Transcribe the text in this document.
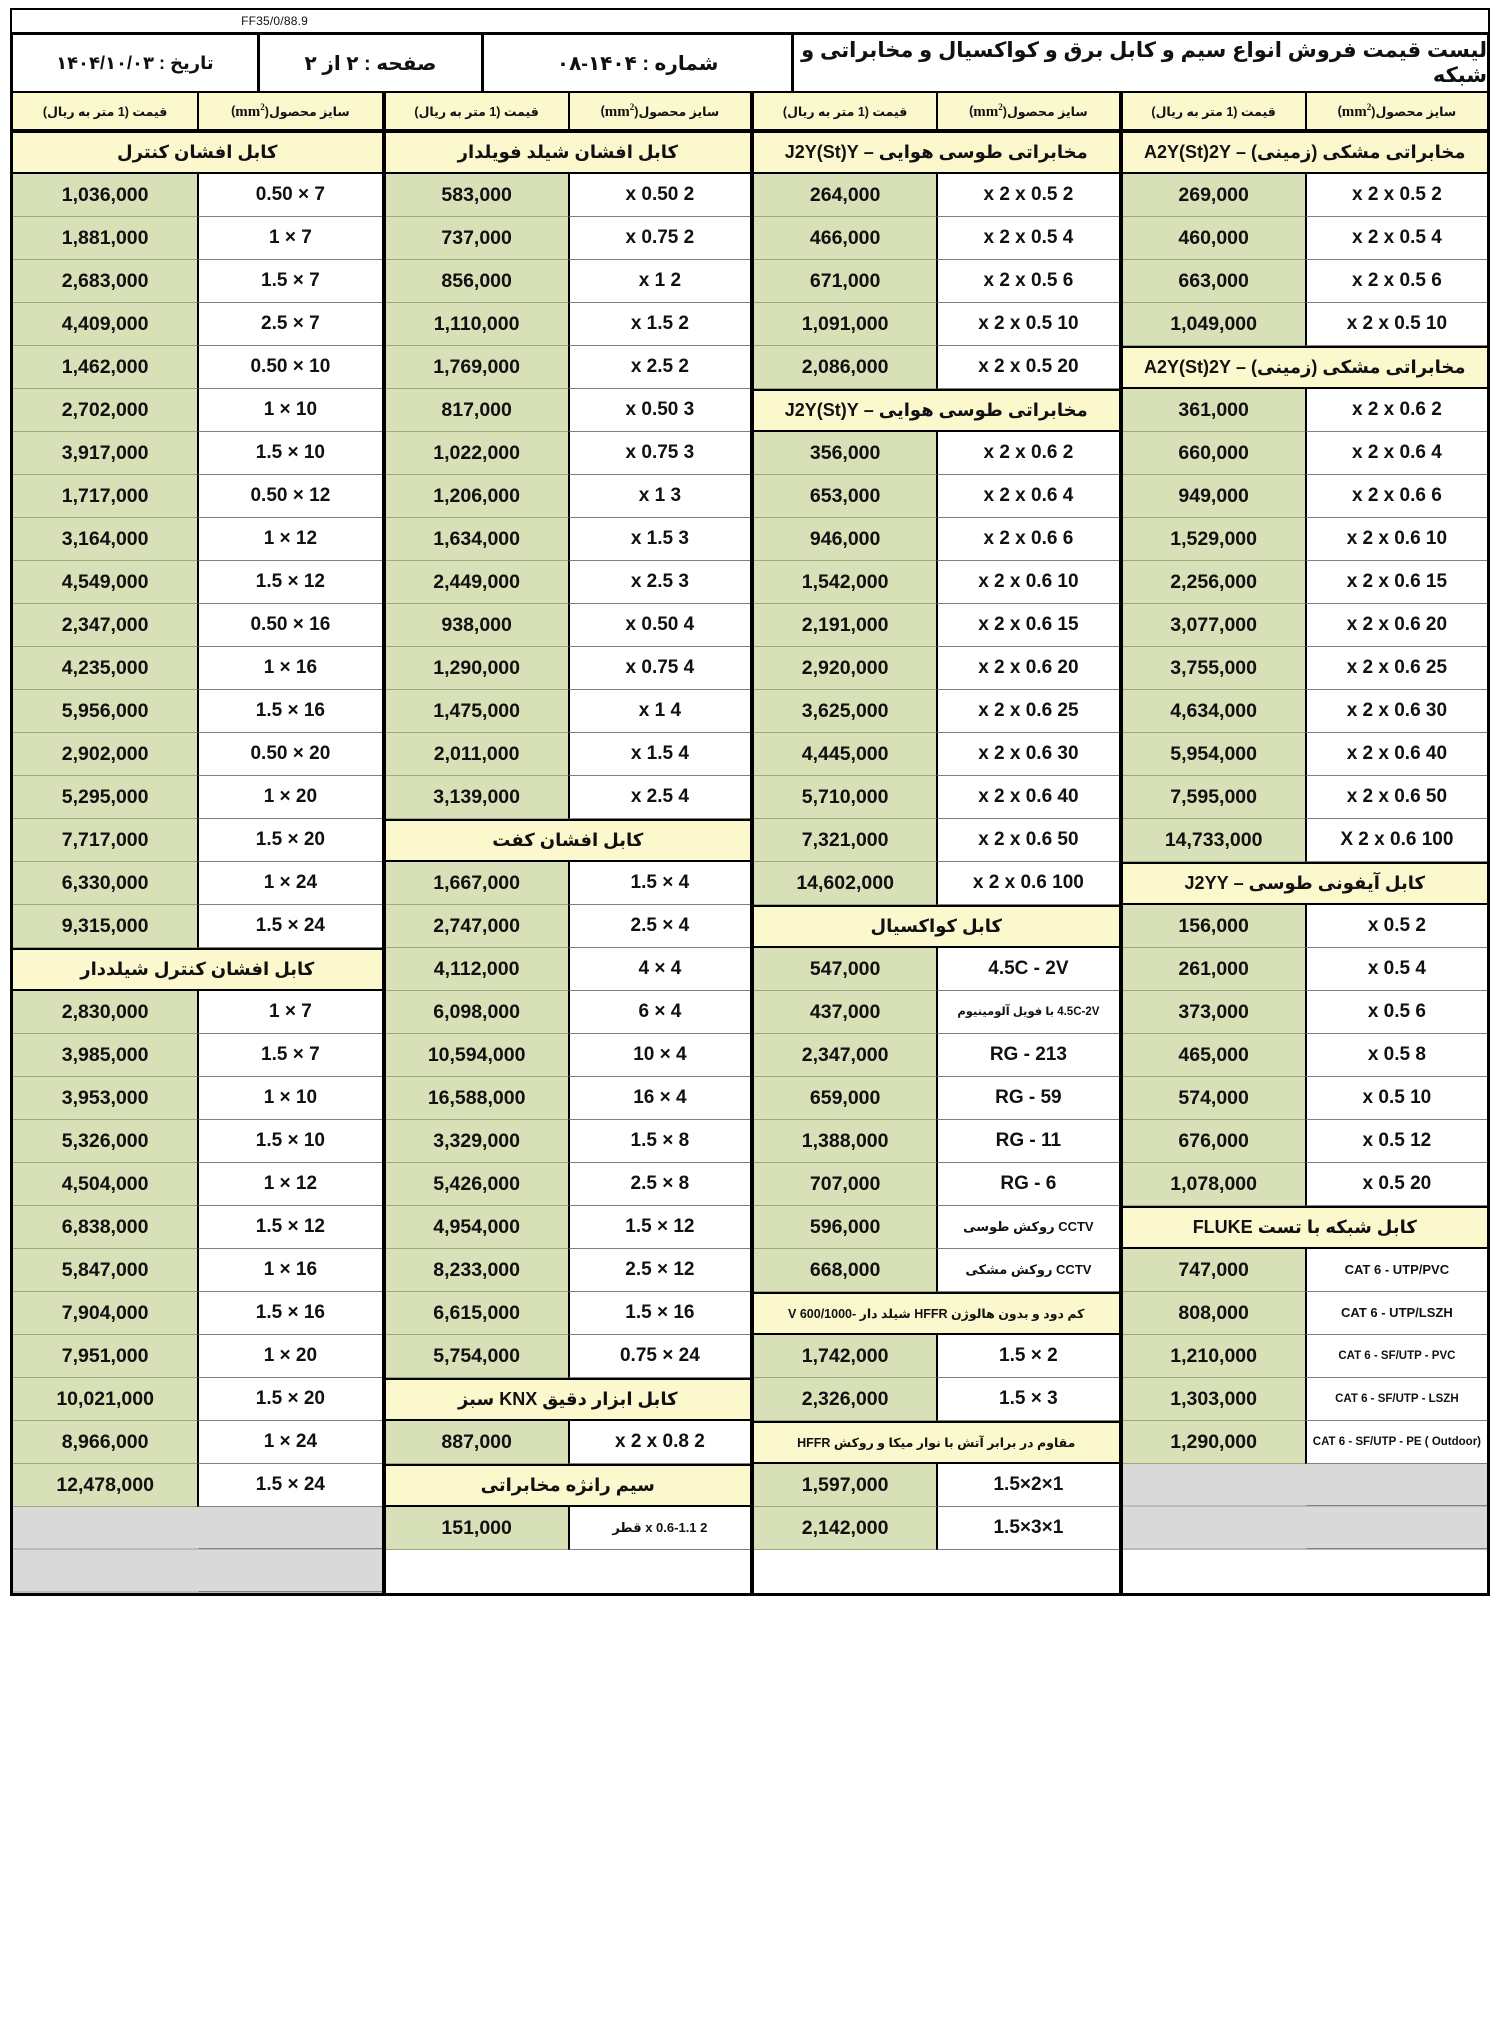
FF35/0/88.9
لیست قیمت فروش انواع سیم و کابل برق و کواکسیال و مخابراتی و شبکه
شماره : ۱۴۰۴-۰۸
صفحه : ۲ از ۲
تاریخ : ۱۴۰۴/۱۰/۰۳
سایز محصول(
$mm^2$
)
قیمت (1 متر به ریال)
مخابراتی مشکی (زمینی) – A2Y(St)2Y
2 x 2 x 0.5
269,000
4 x 2 x 0.5
460,000
6 x 2 x 0.5
663,000
10 x 2 x 0.5
1,049,000
مخابراتی مشکی (زمینی) – A2Y(St)2Y
2 x 2 x 0.6
361,000
4 x 2 x 0.6
660,000
6 x 2 x 0.6
949,000
10 x 2 x 0.6
1,529,000
15 x 2 x 0.6
2,256,000
20 x 2 x 0.6
3,077,000
25 x 2 x 0.6
3,755,000
30 x 2 x 0.6
4,634,000
40 x 2 x 0.6
5,954,000
50 x 2 x 0.6
7,595,000
100 X 2 x 0.6
14,733,000
کابل آیفونی طوسی – J2YY
2 x 0.5
156,000
4 x 0.5
261,000
6 x 0.5
373,000
8 x 0.5
465,000
10 x 0.5
574,000
12 x 0.5
676,000
20 x 0.5
1,078,000
کابل شبکه با تست FLUKE
CAT 6 - UTP/PVC
747,000
CAT 6 - UTP/LSZH
808,000
CAT 6 - SF/UTP - PVC
1,210,000
CAT 6 - SF/UTP - LSZH
1,303,000
CAT 6 - SF/UTP - PE ( Outdoor)
1,290,000
سایز محصول(
$mm^2$
)
قیمت (1 متر به ریال)
مخابراتی طوسی هوایی – J2Y(St)Y
2 x 2 x 0.5
264,000
4 x 2 x 0.5
466,000
6 x 2 x 0.5
671,000
10 x 2 x 0.5
1,091,000
20 x 2 x 0.5
2,086,000
مخابراتی طوسی هوایی – J2Y(St)Y
2 x 2 x 0.6
356,000
4 x 2 x 0.6
653,000
6 x 2 x 0.6
946,000
10 x 2 x 0.6
1,542,000
15 x 2 x 0.6
2,191,000
20 x 2 x 0.6
2,920,000
25 x 2 x 0.6
3,625,000
30 x 2 x 0.6
4,445,000
40 x 2 x 0.6
5,710,000
50 x 2 x 0.6
7,321,000
100 x 2 x 0.6
14,602,000
کابل کواکسیال
4.5C - 2V
547,000
4.5C-2V با فویل آلومینیوم
437,000
RG - 213
2,347,000
RG - 59
659,000
RG - 11
1,388,000
RG - 6
707,000
CCTV روکش طوسی
596,000
CCTV روکش مشکی
668,000
کم دود و بدون هالوژن HFFR شیلد دار -V 600/1000
2 × 1.5
1,742,000
3 × 1.5
2,326,000
مقاوم در برابر آتش با نوار میکا و روکش HFFR
1×2×1.5
1,597,000
1×3×1.5
2,142,000
سایز محصول(
$mm^2$
)
قیمت (1 متر به ریال)
کابل افشان شیلد فویلدار
2 x 0.50
583,000
2 x 0.75
737,000
2 x 1
856,000
2 x 1.5
1,110,000
2 x 2.5
1,769,000
3 x 0.50
817,000
3 x 0.75
1,022,000
3 x 1
1,206,000
3 x 1.5
1,634,000
3 x 2.5
2,449,000
4 x 0.50
938,000
4 x 0.75
1,290,000
4 x 1
1,475,000
4 x 1.5
2,011,000
4 x 2.5
3,139,000
کابل افشان کفت
4 × 1.5
1,667,000
4 × 2.5
2,747,000
4 × 4
4,112,000
4 × 6
6,098,000
4 × 10
10,594,000
4 × 16
16,588,000
8 × 1.5
3,329,000
8 × 2.5
5,426,000
12 × 1.5
4,954,000
12 × 2.5
8,233,000
16 × 1.5
6,615,000
24 × 0.75
5,754,000
کابل ابزار دقیق KNX سبز
2 x 2 x 0.8
887,000
سیم رانژه مخابراتی
2 x 0.6-1.1 قطر
151,000
سایز محصول(
$mm^2$
)
قیمت (1 متر به ریال)
کابل افشان کنترل
7 × 0.50
1,036,000
7 × 1
1,881,000
7 × 1.5
2,683,000
7 × 2.5
4,409,000
10 × 0.50
1,462,000
10 × 1
2,702,000
10 × 1.5
3,917,000
12 × 0.50
1,717,000
12 × 1
3,164,000
12 × 1.5
4,549,000
16 × 0.50
2,347,000
16 × 1
4,235,000
16 × 1.5
5,956,000
20 × 0.50
2,902,000
20 × 1
5,295,000
20 × 1.5
7,717,000
24 × 1
6,330,000
24 × 1.5
9,315,000
کابل افشان کنترل شیلددار
7 × 1
2,830,000
7 × 1.5
3,985,000
10 × 1
3,953,000
10 × 1.5
5,326,000
12 × 1
4,504,000
12 × 1.5
6,838,000
16 × 1
5,847,000
16 × 1.5
7,904,000
20 × 1
7,951,000
20 × 1.5
10,021,000
24 × 1
8,966,000
24 × 1.5
12,478,000
